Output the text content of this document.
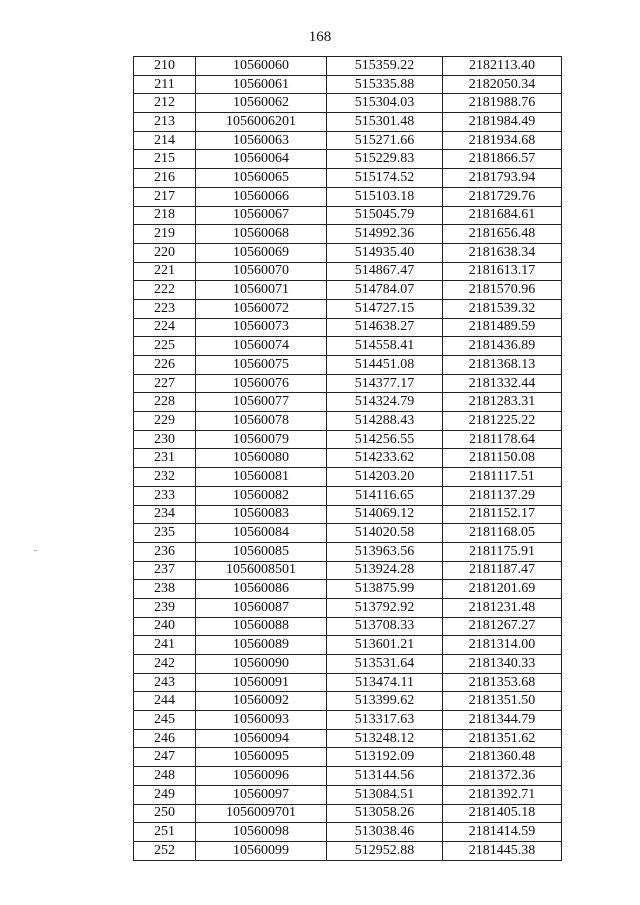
168
210	10560060	515359.22	2182113.40
211	10560061	515335.88	2182050.34
212	10560062	515304.03	2181988.76
213	1056006201	515301.48	2181984.49
214	10560063	515271.66	2181934.68
215	10560064	515229.83	2181866.57
216	10560065	515174.52	2181793.94
217	10560066	515103.18	2181729.76
218	10560067	515045.79	2181684.61
219	10560068	514992.36	2181656.48
220	10560069	514935.40	2181638.34
221	10560070	514867.47	2181613.17
222	10560071	514784.07	2181570.96
223	10560072	514727.15	2181539.32
224	10560073	514638.27	2181489.59
225	10560074	514558.41	2181436.89
226	10560075	514451.08	2181368.13
227	10560076	514377.17	2181332.44
228	10560077	514324.79	2181283.31
229	10560078	514288.43	2181225.22
230	10560079	514256.55	2181178.64
231	10560080	514233.62	2181150.08
232	10560081	514203.20	2181117.51
233	10560082	514116.65	2181137.29
234	10560083	514069.12	2181152.17
235	10560084	514020.58	2181168.05
236	10560085	513963.56	2181175.91
237	1056008501	513924.28	2181187.47
238	10560086	513875.99	2181201.69
239	10560087	513792.92	2181231.48
240	10560088	513708.33	2181267.27
241	10560089	513601.21	2181314.00
242	10560090	513531.64	2181340.33
243	10560091	513474.11	2181353.68
244	10560092	513399.62	2181351.50
245	10560093	513317.63	2181344.79
246	10560094	513248.12	2181351.62
247	10560095	513192.09	2181360.48
248	10560096	513144.56	2181372.36
249	10560097	513084.51	2181392.71
250	1056009701	513058.26	2181405.18
251	10560098	513038.46	2181414.59
252	10560099	512952.88	2181445.38
